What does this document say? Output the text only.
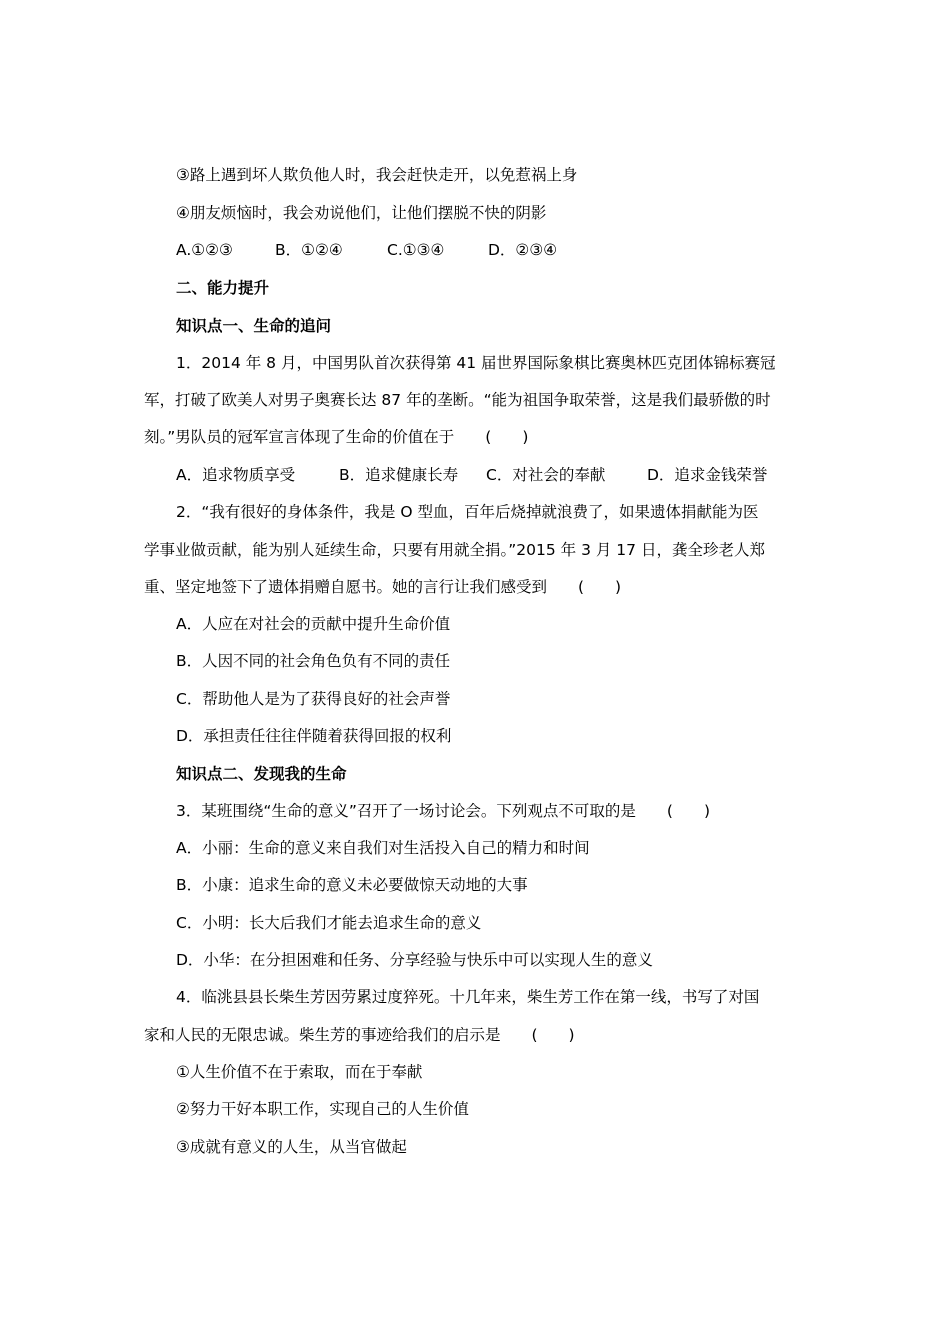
③路上遇到坏人欺负他人时，我会赶快走开，以免惹祸上身
④朋友烦恼时，我会劝说他们，让他们摆脱不快的阴影
A.①②③	B．①②④	C.①③④	D．②③④
二、能力提升
知识点一、生命的追问
1．2014 年 8 月，中国男队首次获得第 41 届世界国际象棋比赛奥林匹克团体锦标赛冠
军，打破了欧美人对男子奥赛长达 87 年的垄断。“能为祖国争取荣誉，这是我们最骄傲的时
刻。”男队员的冠军宣言体现了生命的价值在于　　(　　)
A．追求物质享受	B．追求健康长寿 C．对社会的奉献	D．追求金钱荣誉
2．“我有很好的身体条件，我是 O 型血，百年后烧掉就浪费了，如果遗体捐献能为医
学事业做贡献，能为别人延续生命，只要有用就全捐。”2015 年 3 月 17 日，龚全珍老人郑
重、坚定地签下了遗体捐赠自愿书。她的言行让我们感受到　　(　　)
A．人应在对社会的贡献中提升生命价值
B．人因不同的社会角色负有不同的责任
C．帮助他人是为了获得良好的社会声誉
D．承担责任往往伴随着获得回报的权利
知识点二、发现我的生命
3．某班围绕“生命的意义”召开了一场讨论会。下列观点不可取的是　　(　　)
A．小丽：生命的意义来自我们对生活投入自己的精力和时间
B．小康：追求生命的意义未必要做惊天动地的大事
C．小明：长大后我们才能去追求生命的意义
D．小华：在分担困难和任务、分享经验与快乐中可以实现人生的意义
4．临洮县县长柴生芳因劳累过度猝死。十几年来，柴生芳工作在第一线，书写了对国
家和人民的无限忠诚。柴生芳的事迹给我们的启示是　　(　　)
①人生价值不在于索取，而在于奉献
②努力干好本职工作，实现自己的人生价值
③成就有意义的人生，从当官做起
